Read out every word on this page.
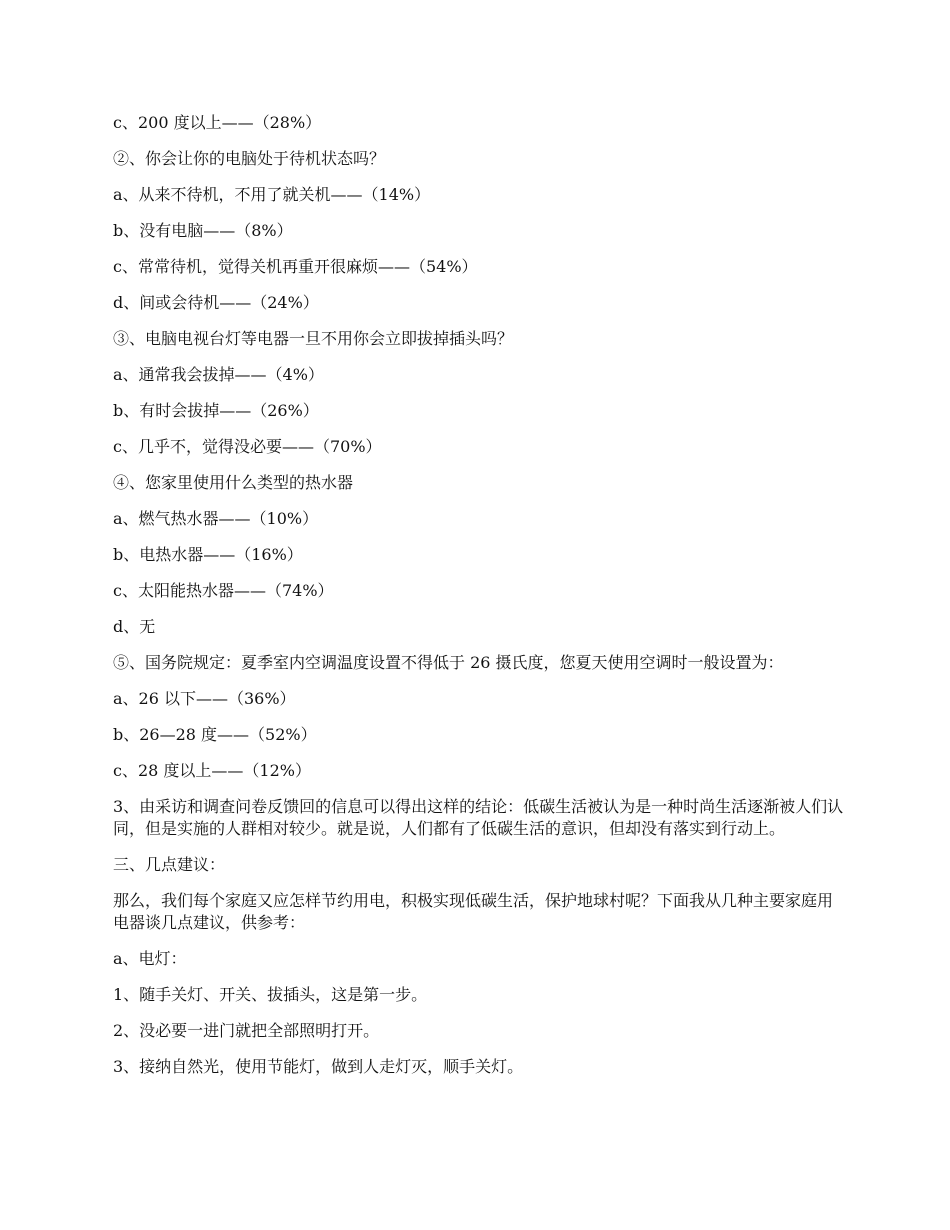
c、200 度以上——（28%）

②、你会让你的电脑处于待机状态吗？

a、从来不待机，不用了就关机——（14%）

b、没有电脑——（8%）

c、常常待机，觉得关机再重开很麻烦——（54%）

d、间或会待机——（24%）

③、电脑电视台灯等电器一旦不用你会立即拔掉插头吗？

a、通常我会拔掉——（4%）

b、有时会拔掉——（26%）

c、几乎不，觉得没必要——（70%）

④、您家里使用什么类型的热水器

a、燃气热水器——（10%）

b、电热水器——（16%）

c、太阳能热水器——（74%）

d、无

⑤、国务院规定：夏季室内空调温度设置不得低于 26 摄氏度，您夏天使用空调时一般设置为：

a、26 以下——（36%）

b、26—28 度——（52%）

c、28 度以上——（12%）

3、由采访和调查问卷反馈回的信息可以得出这样的结论：低碳生活被认为是一种时尚生活逐渐被人们认同，但是实施的人群相对较少。就是说，人们都有了低碳生活的意识，但却没有落实到行动上。

三、几点建议：

那么，我们每个家庭又应怎样节约用电，积极实现低碳生活，保护地球村呢？下面我从几种主要家庭用电器谈几点建议，供参考：

a、电灯：

1、随手关灯、开关、拔插头，这是第一步。

2、没必要一进门就把全部照明打开。

3、接纳自然光，使用节能灯，做到人走灯灭，顺手关灯。
